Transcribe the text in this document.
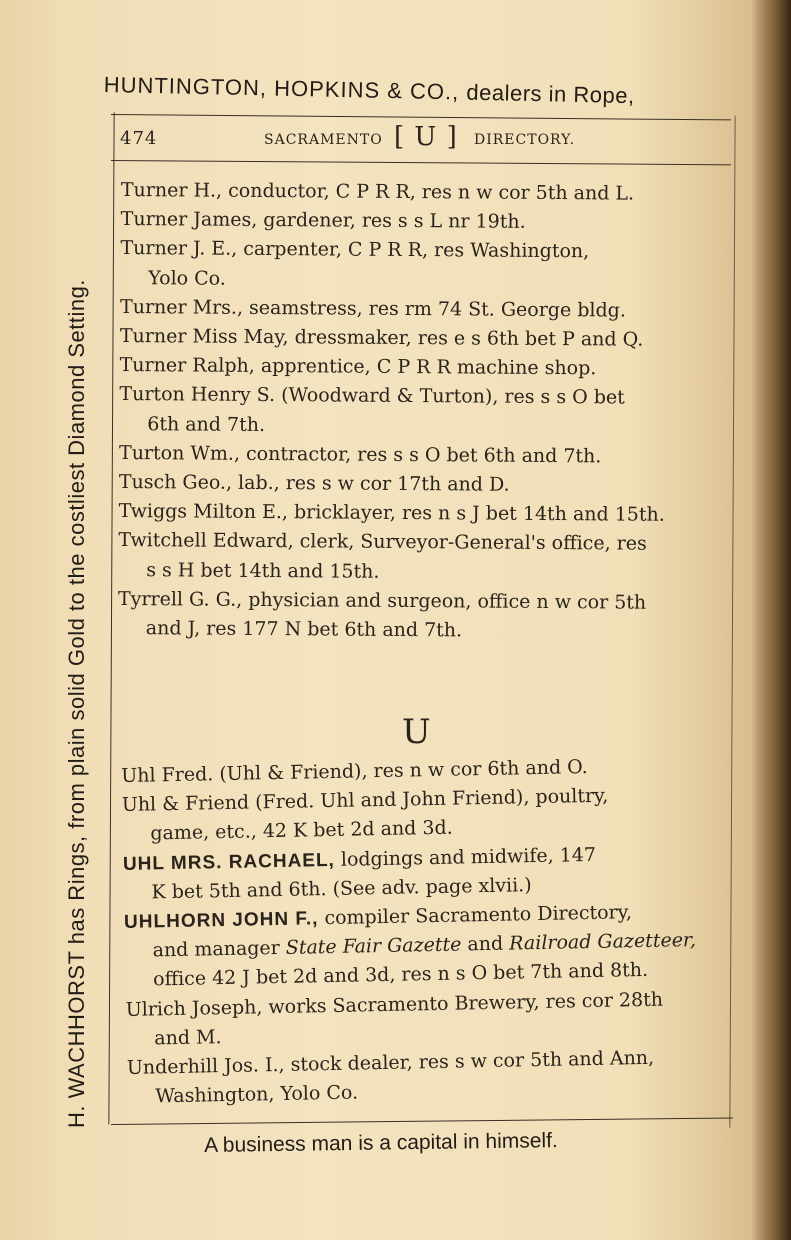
HUNTINGTON, HOPKINS & CO., dealers in Rope,
H. WACHHORST has Rings, from plain solid Gold to the costliest Diamond Setting.
474	SACRAMENTO [ U ] DIRECTORY.

Turner H., conductor, C P R R, res n w cor 5th and L.

Turner James, gardener, res s s L nr 19th.

Turner J. E., carpenter, C P R R, res Washington,
Yolo Co.

Turner Mrs., seamstress, res rm 74 St. George bldg.

Turner Miss May, dressmaker, res e s 6th bet P and Q.

Turner Ralph, apprentice, C P R R machine shop.

Turton Henry S. (Woodward & Turton), res s s O bet
6th and 7th.

Turton Wm., contractor, res s s O bet 6th and 7th.

Tusch Geo., lab., res s w cor 17th and D.

Twiggs Milton E., bricklayer, res n s J bet 14th and 15th.

Twitchell Edward, clerk, Surveyor-General's office, res
s s H bet 14th and 15th.

Tyrrell G. G., physician and surgeon, office n w cor 5th
and J, res 177 N bet 6th and 7th.

U

Uhl Fred. (Uhl & Friend), res n w cor 6th and O.

Uhl & Friend (Fred. Uhl and John Friend), poultry,
game, etc., 42 K bet 2d and 3d.

UHL MRS. RACHAEL, lodgings and midwife, 147
K bet 5th and 6th. (See adv. page xlvii.)

UHLHORN JOHN F., compiler Sacramento Directory,
and manager State Fair Gazette and Railroad Gazetteer,
office 42 J bet 2d and 3d, res n s O bet 7th and 8th.

Ulrich Joseph, works Sacramento Brewery, res cor 28th
and M.

Underhill Jos. I., stock dealer, res s w cor 5th and Ann,
Washington, Yolo Co.

A business man is a capital in himself.
